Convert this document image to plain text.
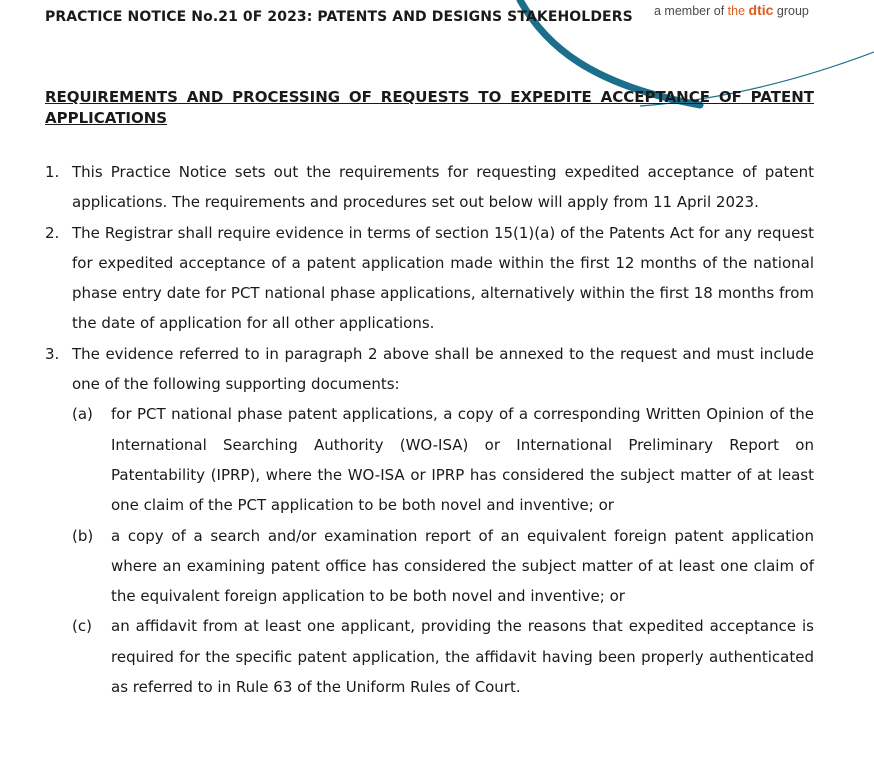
a member of the dtic group
PRACTICE NOTICE No.21 0F 2023: PATENTS AND DESIGNS STAKEHOLDERS
REQUIREMENTS AND PROCESSING OF REQUESTS TO EXPEDITE ACCEPTANCE OF PATENT
APPLICATIONS
1. This Practice Notice sets out the requirements for requesting expedited acceptance of patent applications. The requirements and procedures set out below will apply from 11 April 2023.
2. The Registrar shall require evidence in terms of section 15(1)(a) of the Patents Act for any request for expedited acceptance of a patent application made within the first 12 months of the national phase entry date for PCT national phase applications, alternatively within the first 18 months from the date of application for all other applications.
3. The evidence referred to in paragraph 2 above shall be annexed to the request and must include one of the following supporting documents:
(a) for PCT national phase patent applications, a copy of a corresponding Written Opinion of the International Searching Authority (WO-ISA) or International Preliminary Report on Patentability (IPRP), where the WO-ISA or IPRP has considered the subject matter of at least one claim of the PCT application to be both novel and inventive; or
(b) a copy of a search and/or examination report of an equivalent foreign patent application where an examining patent office has considered the subject matter of at least one claim of the equivalent foreign application to be both novel and inventive; or
(c) an affidavit from at least one applicant, providing the reasons that expedited acceptance is required for the specific patent application, the affidavit having been properly authenticated as referred to in Rule 63 of the Uniform Rules of Court.
